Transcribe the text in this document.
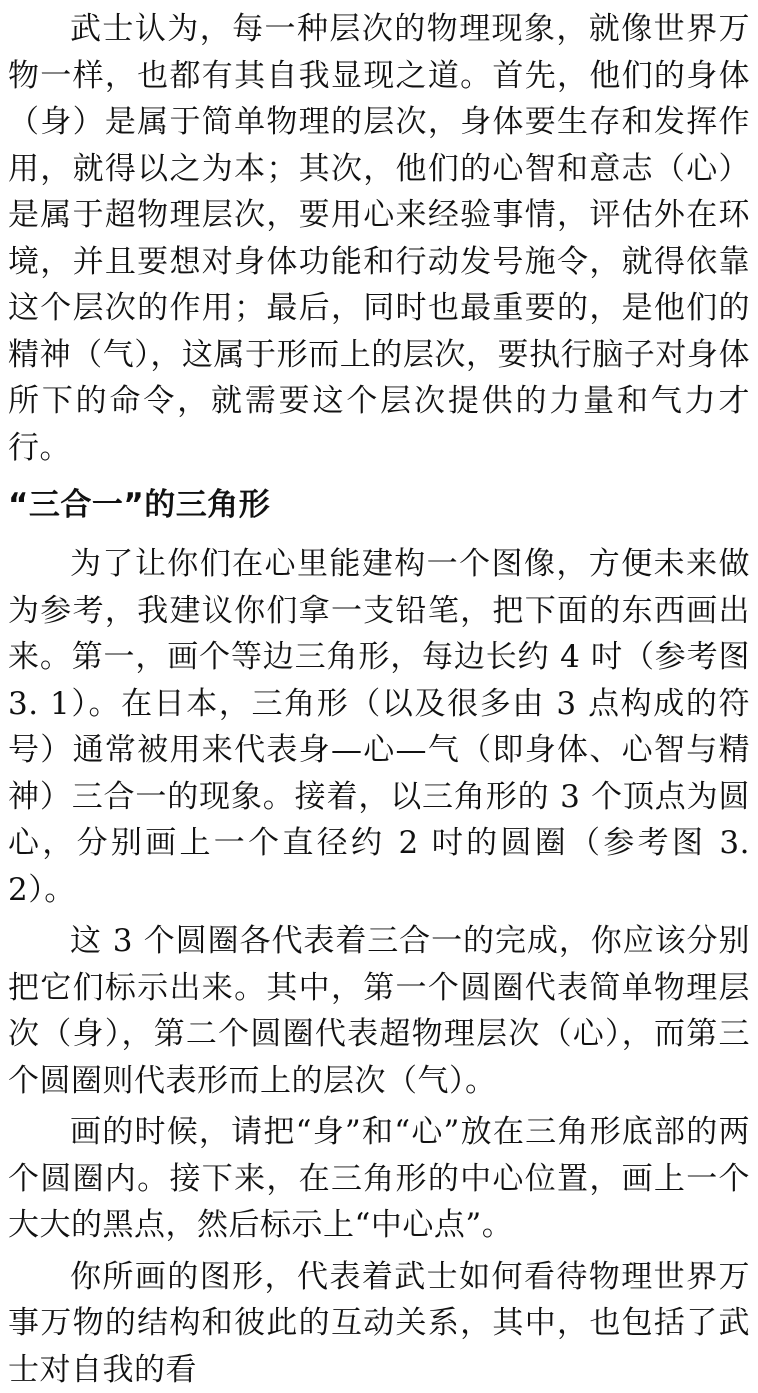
武士认为，每一种层次的物理现象，就像世界万物一样，也都有其自我显现之道。首先，他们的身体（身）是属于简单物理的层次，身体要生存和发挥作用，就得以之为本；其次，他们的心智和意志（心）是属于超物理层次，要用心来经验事情，评估外在环境，并且要想对身体功能和行动发号施令，就得依靠这个层次的作用；最后，同时也最重要的，是他们的精神（气），这属于形而上的层次，要执行脑子对身体所下的命令，就需要这个层次提供的力量和气力才行。

“三合一”的三角形

为了让你们在心里能建构一个图像，方便未来做为参考，我建议你们拿一支铅笔，把下面的东西画出来。第一，画个等边三角形，每边长约 4 吋（参考图 3. 1）。在日本，三角形（以及很多由 3 点构成的符号）通常被用来代表身—心—气（即身体、心智与精神）三合一的现象。接着，以三角形的 3 个顶点为圆心，分别画上一个直径约 2 吋的圆圈（参考图 3. 2）。

这 3 个圆圈各代表着三合一的完成，你应该分别把它们标示出来。其中，第一个圆圈代表简单物理层次（身），第二个圆圈代表超物理层次（心），而第三个圆圈则代表形而上的层次（气）。

画的时候，请把“身”和“心”放在三角形底部的两个圆圈内。接下来，在三角形的中心位置，画上一个大大的黑点，然后标示上“中心点”。

你所画的图形，代表着武士如何看待物理世界万事万物的结构和彼此的互动关系，其中，也包括了武士对自我的看
